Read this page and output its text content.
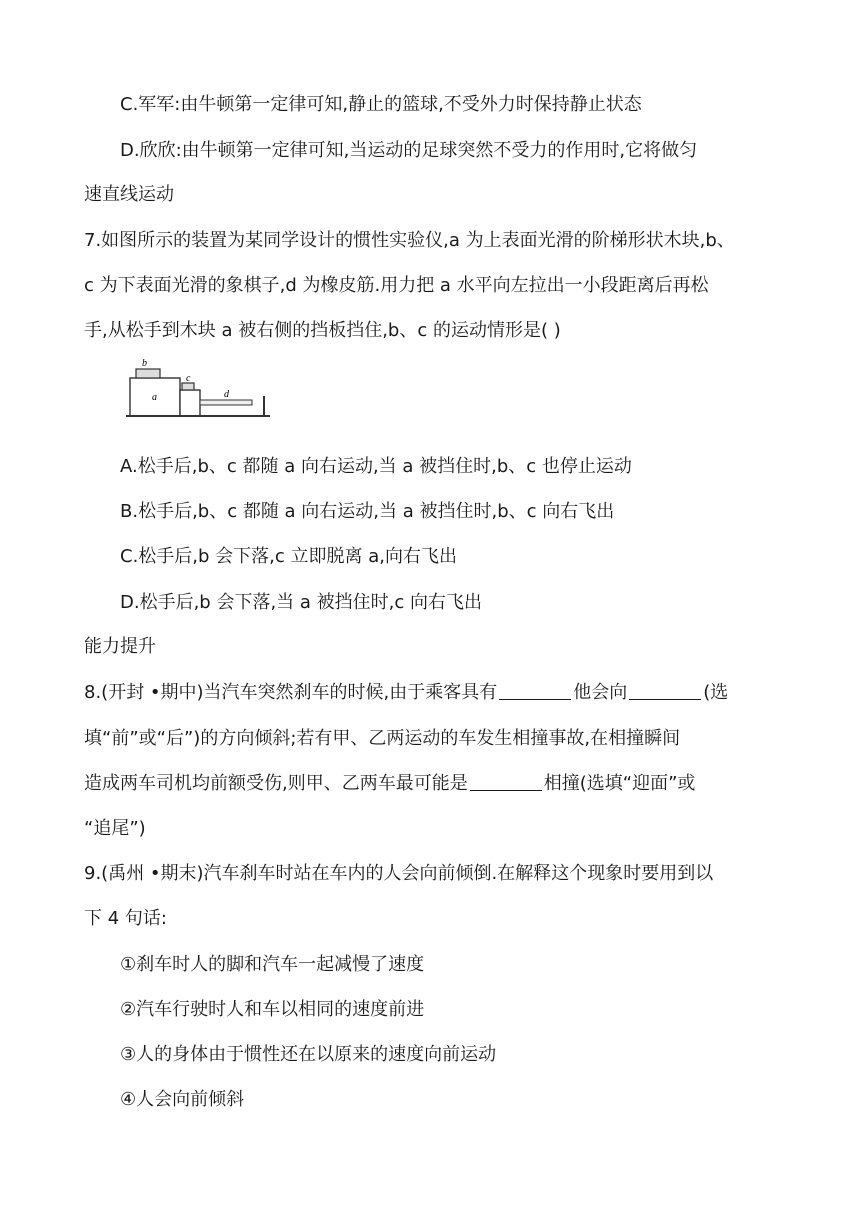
C.军军:由牛顿第一定律可知,静止的篮球,不受外力时保持静止状态
D.欣欣:由牛顿第一定律可知,当运动的足球突然不受力的作用时,它将做匀
速直线运动
7.如图所示的装置为某同学设计的惯性实验仪,a 为上表面光滑的阶梯形状木块,b、
c 为下表面光滑的象棋子,d 为橡皮筋.用力把 a 水平向左拉出一小段距离后再松
手,从松手到木块 a 被右侧的挡板挡住,b、c 的运动情形是( )
b
a
c
d
A.松手后,b、c 都随 a 向右运动,当 a 被挡住时,b、c 也停止运动
B.松手后,b、c 都随 a 向右运动,当 a 被挡住时,b、c 向右飞出
C.松手后,b 会下落,c 立即脱离 a,向右飞出
D.松手后,b 会下落,当 a 被挡住时,c 向右飞出
能力提升
8.(开封 •期中)当汽车突然刹车的时候,由于乘客具有	他会向	(选
填“前”或“后”)的方向倾斜;若有甲、乙两运动的车发生相撞事故,在相撞瞬间
造成两车司机均前额受伤,则甲、乙两车最可能是	相撞(选填“迎面”或
“追尾”)
9.(禹州 •期末)汽车刹车时站在车内的人会向前倾倒.在解释这个现象时要用到以
下 4 句话:
①刹车时人的脚和汽车一起减慢了速度
②汽车行驶时人和车以相同的速度前进
③人的身体由于惯性还在以原来的速度向前运动
④人会向前倾斜
